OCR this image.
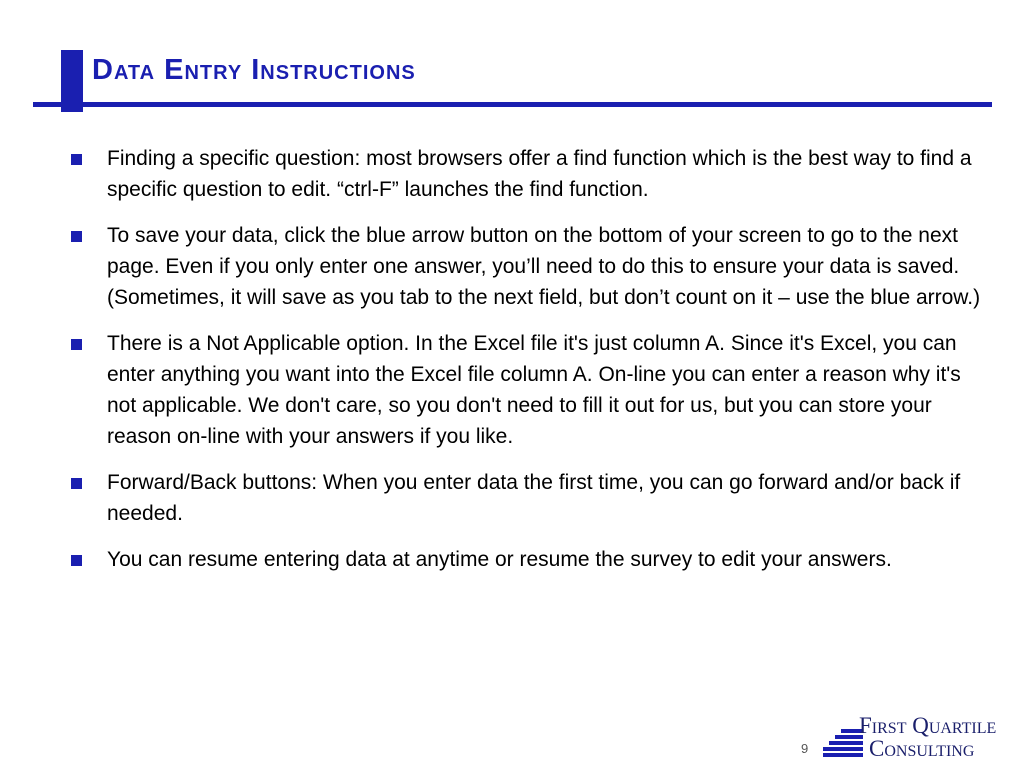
Data Entry Instructions
Finding a specific question: most browsers offer a find function which is the best way to find a specific question to edit. “ctrl-F” launches the find function.
To save your data, click the blue arrow button on the bottom of your screen to go to the next page. Even if you only enter one answer, you’ll need to do this to ensure your data is saved. (Sometimes, it will save as you tab to the next field, but don’t count on it – use the blue arrow.)
There is a Not Applicable option. In the Excel file it's just column A. Since it's Excel, you can enter anything you want into the Excel file column A. On-line you can enter a reason why it's not applicable. We don't care, so you don't need to fill it out for us, but you can store your reason on-line with your answers if you like.
Forward/Back buttons: When you enter data the first time, you can go forward and/or back if needed.
You can resume entering data at anytime or resume the survey to edit your answers.
9
First Quartile
Consulting
